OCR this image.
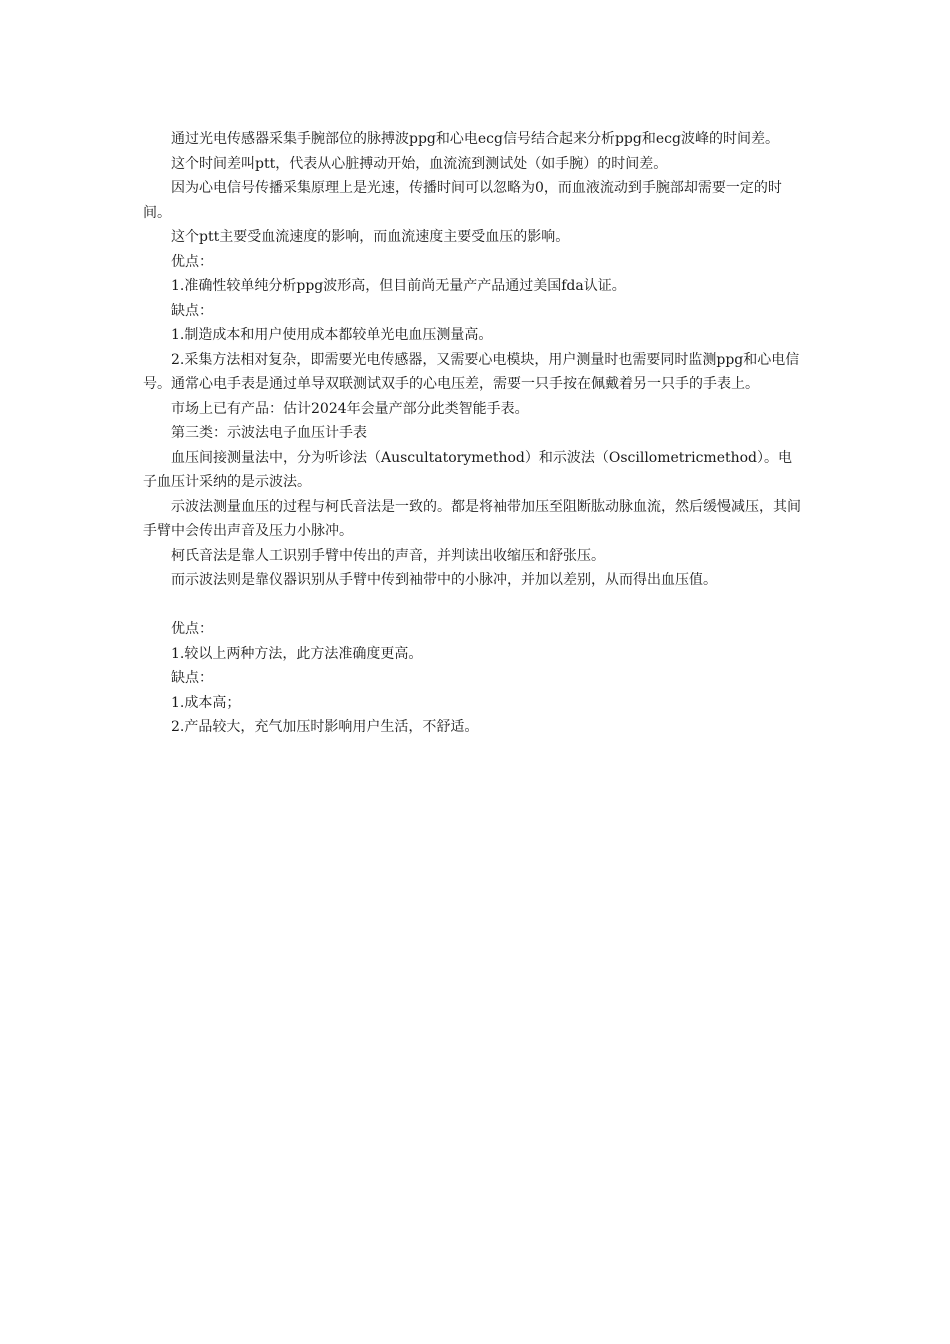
通过光电传感器采集手腕部位的脉搏波ppg和心电ecg信号结合起来分析ppg和ecg波峰的时间差。

这个时间差叫ptt，代表从心脏搏动开始，血流流到测试处（如手腕）的时间差。

因为心电信号传播采集原理上是光速，传播时间可以忽略为0，而血液流动到手腕部却需要一定的时间。

这个ptt主要受血流速度的影响，而血流速度主要受血压的影响。

优点：

1.准确性较单纯分析ppg波形高，但目前尚无量产产品通过美国fda认证。

缺点：

1.制造成本和用户使用成本都较单光电血压测量高。

2.采集方法相对复杂，即需要光电传感器，又需要心电模块，用户测量时也需要同时监测ppg和心电信号。通常心电手表是通过单导双联测试双手的心电压差，需要一只手按在佩戴着另一只手的手表上。

市场上已有产品：估计2024年会量产部分此类智能手表。

第三类：示波法电子血压计手表

血压间接测量法中，分为听诊法（Auscultatorymethod）和示波法（Oscillometricmethod）。电子血压计采纳的是示波法。

示波法测量血压的过程与柯氏音法是一致的。都是将袖带加压至阻断肱动脉血流，然后缓慢减压，其间手臂中会传出声音及压力小脉冲。

柯氏音法是靠人工识别手臂中传出的声音，并判读出收缩压和舒张压。

而示波法则是靠仪器识别从手臂中传到袖带中的小脉冲，并加以差别，从而得出血压值。

优点：

1.较以上两种方法，此方法准确度更高。

缺点：

1.成本高；

2.产品较大，充气加压时影响用户生活，不舒适。
